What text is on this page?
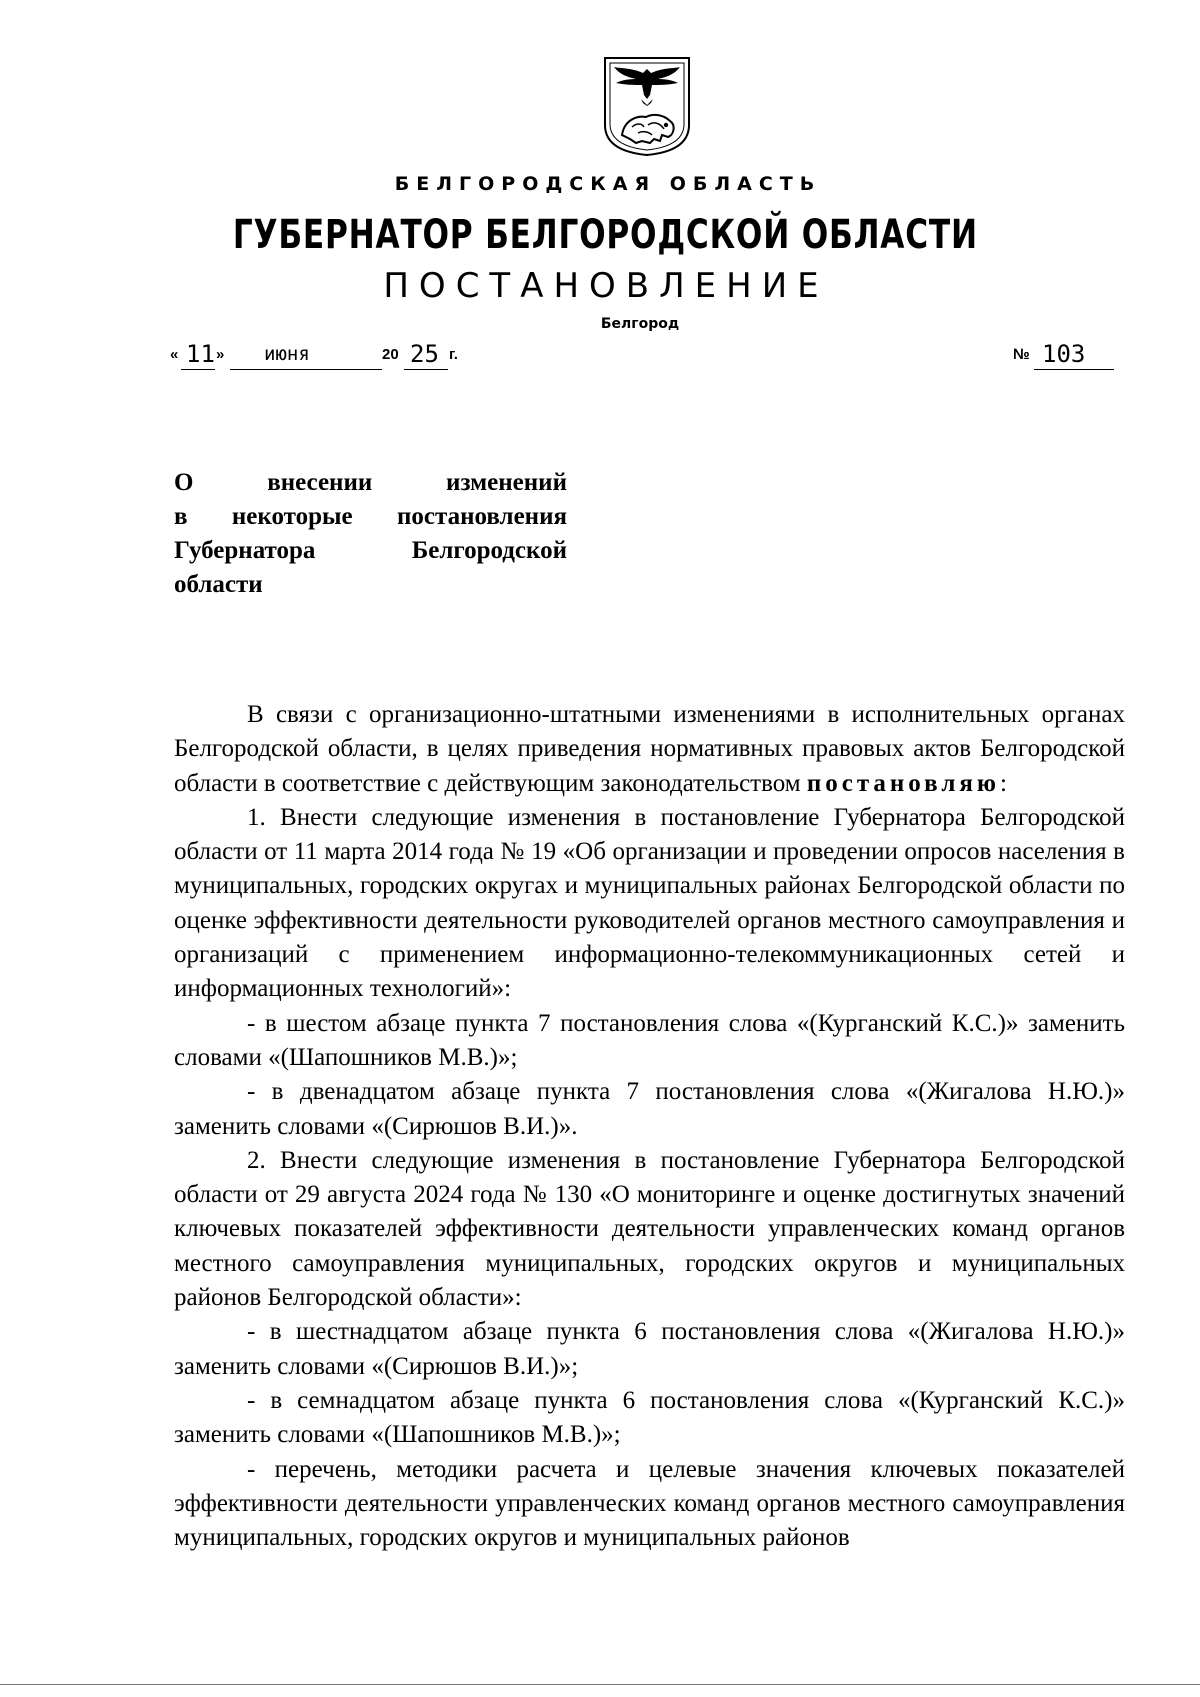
БЕЛГОРОДСКАЯ ОБЛАСТЬ
ГУБЕРНАТОР БЕЛГОРОДСКОЙ ОБЛАСТИ
ПОСТАНОВЛЕНИЕ
Белгород
« 11 » июня	20 25 г.	№ 103
О внесении изменений
в некоторые постановления
Губернатора Белгородской
области
В связи с организационно-штатными изменениями в исполнительных органах Белгородской области, в целях приведения нормативных правовых актов Белгородской области в соответствие с действующим законодательством постановляю:
1. Внести следующие изменения в постановление Губернатора Белгородской области от 11 марта 2014 года № 19 «Об организации и проведении опросов населения в муниципальных, городских округах и муниципальных районах Белгородской области по оценке эффективности деятельности руководителей органов местного самоуправления и организаций с применением информационно-телекоммуникационных сетей и информационных технологий»:
- в шестом абзаце пункта 7 постановления слова «(Курганский К.С.)» заменить словами «(Шапошников М.В.)»;
- в двенадцатом абзаце пункта 7 постановления слова «(Жигалова Н.Ю.)» заменить словами «(Сирюшов В.И.)».
2. Внести следующие изменения в постановление Губернатора Белгородской области от 29 августа 2024 года № 130 «О мониторинге и оценке достигнутых значений ключевых показателей эффективности деятельности управленческих команд органов местного самоуправления муниципальных, городских округов и муниципальных районов Белгородской области»:
- в шестнадцатом абзаце пункта 6 постановления слова «(Жигалова Н.Ю.)» заменить словами «(Сирюшов В.И.)»;
- в семнадцатом абзаце пункта 6 постановления слова «(Курганский К.С.)» заменить словами «(Шапошников М.В.)»;
- перечень, методики расчета и целевые значения ключевых показателей эффективности деятельности управленческих команд органов местного самоуправления муниципальных, городских округов и муниципальных районов
